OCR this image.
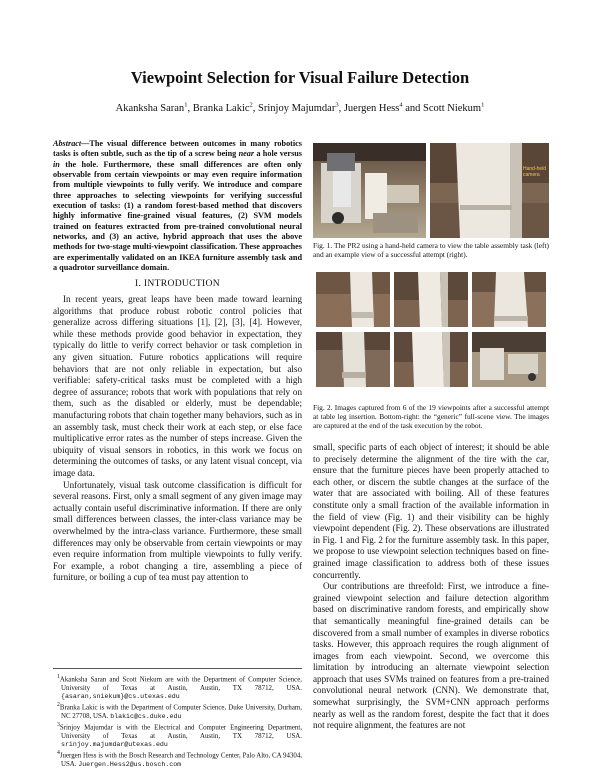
Viewpoint Selection for Visual Failure Detection
Akanksha Saran$^1$, Branka Lakic$^2$, Srinjoy Majumdar$^3$, Juergen Hess$^4$ and Scott Niekum$^1$

Abstract—The visual difference between outcomes in many robotics tasks is often subtle, such as the tip of a screw being near a hole versus in the hole. Furthermore, these small differences are often only observable from certain viewpoints or may even require information from multiple viewpoints to fully verify. We introduce and compare three approaches to selecting viewpoints for verifying successful execution of tasks: (1) a random forest-based method that discovers highly informative fine-grained visual features, (2) SVM models trained on features extracted from pre-trained convolutional neural networks, and (3) an active, hybrid approach that uses the above methods for two-stage multi-viewpoint classification. These approaches are experimentally validated on an IKEA furniture assembly task and a quadrotor surveillance domain.

I. INTRODUCTION

In recent years, great leaps have been made toward learning algorithms that produce robust robotic control policies that generalize across differing situations [1], [2], [3], [4]. However, while these methods provide good behavior in expectation, they typically do little to verify correct behavior or task completion in any given situation. Future robotics applications will require behaviors that are not only reliable in expectation, but also verifiable: safety-critical tasks must be completed with a high degree of assurance; robots that work with populations that rely on them, such as the disabled or elderly, must be dependable; manufacturing robots that chain together many behaviors, such as in an assembly task, must check their work at each step, or else face multiplicative error rates as the number of steps increase. Given the ubiquity of visual sensors in robotics, in this work we focus on determining the outcomes of tasks, or any latent visual concept, via image data.

Unfortunately, visual task outcome classification is difficult for several reasons. First, only a small segment of any given image may actually contain useful discriminative information. If there are only small differences between classes, the inter-class variance may be overwhelmed by the intra-class variance. Furthermore, these small differences may only be observable from certain viewpoints or may even require information from multiple viewpoints to fully verify. For example, a robot changing a tire, assembling a piece of furniture, or boiling a cup of tea must pay attention to

$^1$Akanksha Saran and Scott Niekum are with the Department of Computer Science, University of Texas at Austin, Austin, TX 78712, USA. {asaran,sniekum}@cs.utexas.edu

$^2$Branka Lakic is with the Department of Computer Science, Duke University, Durham, NC 27708, USA. blakic@cs.duke.edu

$^3$Srinjoy Majumdar is with the Electrical and Computer Engineering Department, University of Texas at Austin, Austin, TX 78712, USA. srinjoy.majumdar@utexas.edu

$^4$Juergen Hess is with the Bosch Research and Technology Center, Palo Alto, CA 94304, USA. Juergen.Hess2@us.bosch.com

Hand-held camera

Fig. 1. The PR2 using a hand-held camera to view the table assembly task (left) and an example view of a successful attempt (right).

Fig. 2. Images captured from 6 of the 19 viewpoints after a successful attempt at table leg insertion. Bottom-right: the “generic” full-scene view. The images are captured at the end of the task execution by the robot.

small, specific parts of each object of interest; it should be able to precisely determine the alignment of the tire with the car, ensure that the furniture pieces have been properly attached to each other, or discern the subtle changes at the surface of the water that are associated with boiling. All of these features constitute only a small fraction of the available information in the field of view (Fig. 1) and their visibility can be highly viewpoint dependent (Fig. 2). These observations are illustrated in Fig. 1 and Fig. 2 for the furniture assembly task. In this paper, we propose to use viewpoint selection techniques based on fine-grained image classification to address both of these issues concurrently.

Our contributions are threefold: First, we introduce a fine-grained viewpoint selection and failure detection algorithm based on discriminative random forests, and empirically show that semantically meaningful fine-grained details can be discovered from a small number of examples in diverse robotics tasks. However, this approach requires the rough alignment of images from each viewpoint. Second, we overcome this limitation by introducing an alternate viewpoint selection approach that uses SVMs trained on features from a pre-trained convolutional neural network (CNN). We demonstrate that, somewhat surprisingly, the SVM+CNN approach performs nearly as well as the random forest, despite the fact that it does not require alignment, the features are not
